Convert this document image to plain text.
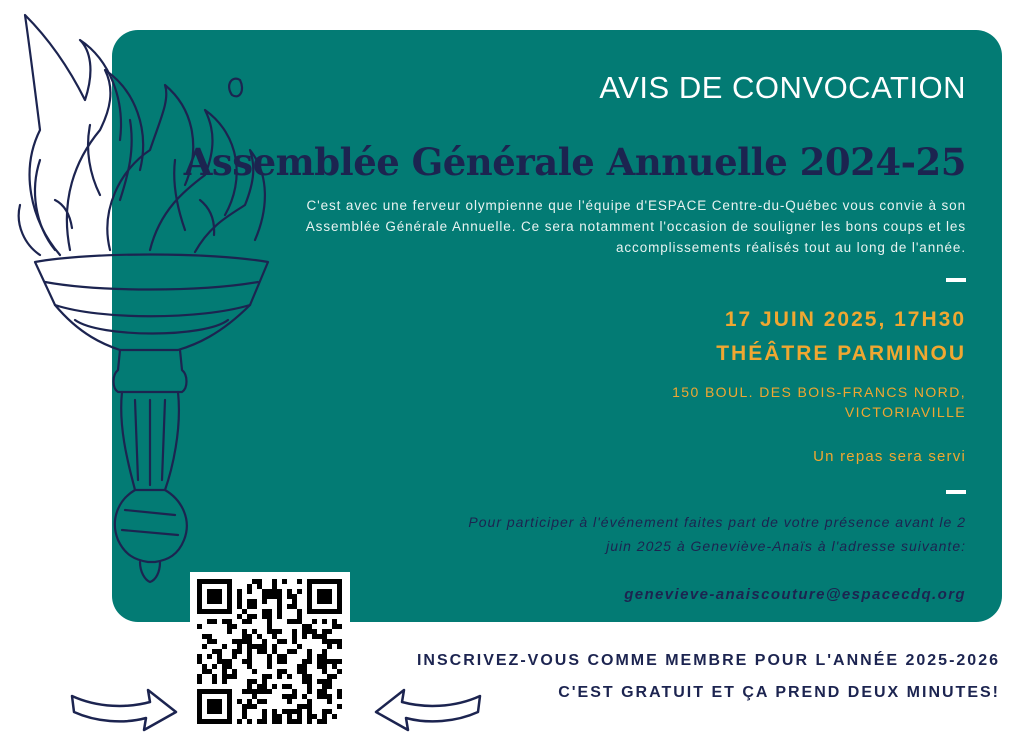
AVIS DE CONVOCATION

Assemblée Générale Annuelle 2024-25

C'est avec une ferveur olympienne que l'équipe d'ESPACE Centre-du-Québec vous convie à son Assemblée Générale Annuelle. Ce sera notamment l'occasion de souligner les bons coups et les accomplissements réalisés tout au long de l'année.

17 JUIN 2025, 17H30

THÉÂTRE PARMINOU

150 BOUL. DES BOIS-FRANCS NORD,
VICTORIAVILLE

Un repas sera servi

Pour participer à l'événement faites part de votre présence avant le 2 juin 2025 à Geneviève-Anaïs à l'adresse suivante:

genevieve-anaiscouture@espacecdq.org

INSCRIVEZ-VOUS COMME MEMBRE POUR L'ANNÉE 2025-2026

C'EST GRATUIT ET ÇA PREND DEUX MINUTES!
